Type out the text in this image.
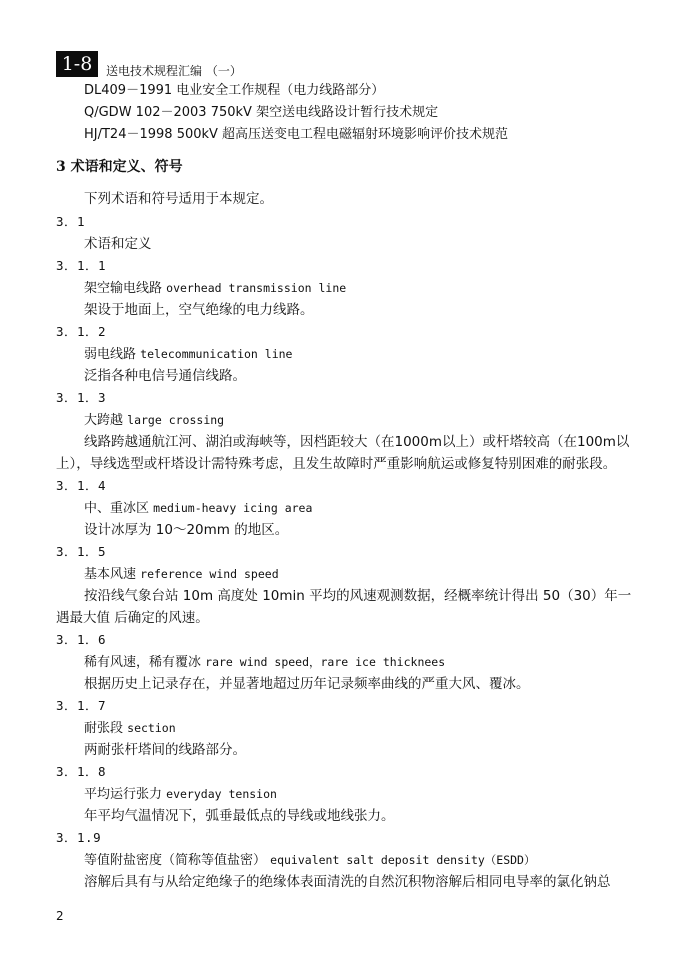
1-8	送电技术规程汇编 （一）
DL409－1991 电业安全工作规程（电力线路部分）
Q/GDW 102－2003 750kV 架空送电线路设计暂行技术规定
HJ/T24－1998 500kV 超高压送变电工程电磁辐射环境影响评价技术规范
3 术语和定义、符号
下列术语和符号适用于本规定。
3．1
术语和定义
3．1．1
架空输电线路 overhead transmission line
架设于地面上，空气绝缘的电力线路。
3．1．2
弱电线路 telecommunication line
泛指各种电信号通信线路。
3．1．3
大跨越 large crossing
线路跨越通航江河、湖泊或海峡等，因档距较大（在1000m以上）或杆塔较高（在100m以
上），导线选型或杆塔设计需特殊考虑，且发生故障时严重影响航运或修复特别困难的耐张段。
3．1．4
中、重冰区 medium-heavy icing area
设计冰厚为 10～20mm 的地区。
3．1．5
基本风速 reference wind speed
按沿线气象台站 10m 高度处 10min 平均的风速观测数据，经概率统计得出 50（30）年一
遇最大值 后确定的风速。
3．1．6
稀有风速，稀有覆冰 rare wind speed，rare ice thicknees
根据历史上记录存在，并显著地超过历年记录频率曲线的严重大风、覆冰。
3．1．7
耐张段 section
两耐张杆塔间的线路部分。
3．1．8
平均运行张力 everyday tension
年平均气温情况下，弧垂最低点的导线或地线张力。
3．1.9
等值附盐密度（简称等值盐密） equivalent salt deposit density（ESDD）
溶解后具有与从给定绝缘子的绝缘体表面清洗的自然沉积物溶解后相同电导率的氯化钠总
2
